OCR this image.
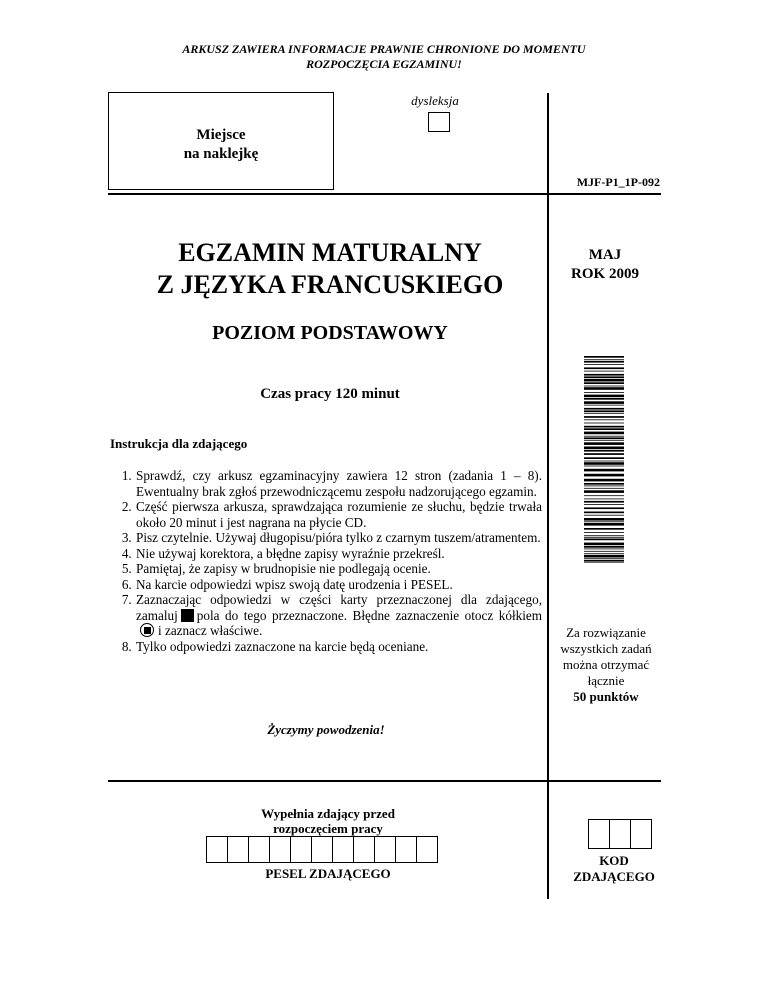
ARKUSZ ZAWIERA INFORMACJE PRAWNIE CHRONIONE DO MOMENTU
ROZPOCZĘCIA EGZAMINU!
Miejsce
na naklejkę
dysleksja
MJF-P1_1P-092
EGZAMIN MATURALNY
Z JĘZYKA FRANCUSKIEGO
MAJ
ROK 2009
POZIOM PODSTAWOWY
Czas pracy 120 minut
Instrukcja dla zdającego
1. Sprawdź, czy arkusz egzaminacyjny zawiera 12 stron (zadania 1 – 8). Ewentualny brak zgłoś przewodniczącemu zespołu nadzorującego egzamin.
2. Część pierwsza arkusza, sprawdzająca rozumienie ze słuchu, będzie trwała około 20 minut i jest nagrana na płycie CD.
3. Pisz czytelnie. Używaj długopisu/pióra tylko z czarnym tuszem/atramentem.
4. Nie używaj korektora, a błędne zapisy wyraźnie przekreśl.
5. Pamiętaj, że zapisy w brudnopisie nie podlegają ocenie.
6. Na karcie odpowiedzi wpisz swoją datę urodzenia i PESEL.
7. Zaznaczając odpowiedzi w części karty przeznaczonej dla zdającego, zamaluj pola do tego przeznaczone. Błędne zaznaczenie otocz kółkiemi zaznacz właściwe.
8. Tylko odpowiedzi zaznaczone na karcie będą oceniane.
Za rozwiązanie
wszystkich zadań
można otrzymać
łącznie
50 punktów
Życzymy powodzenia!
Wypełnia zdający przed
rozpoczęciem pracy
PESEL ZDAJĄCEGO
KOD
ZDAJĄCEGO
